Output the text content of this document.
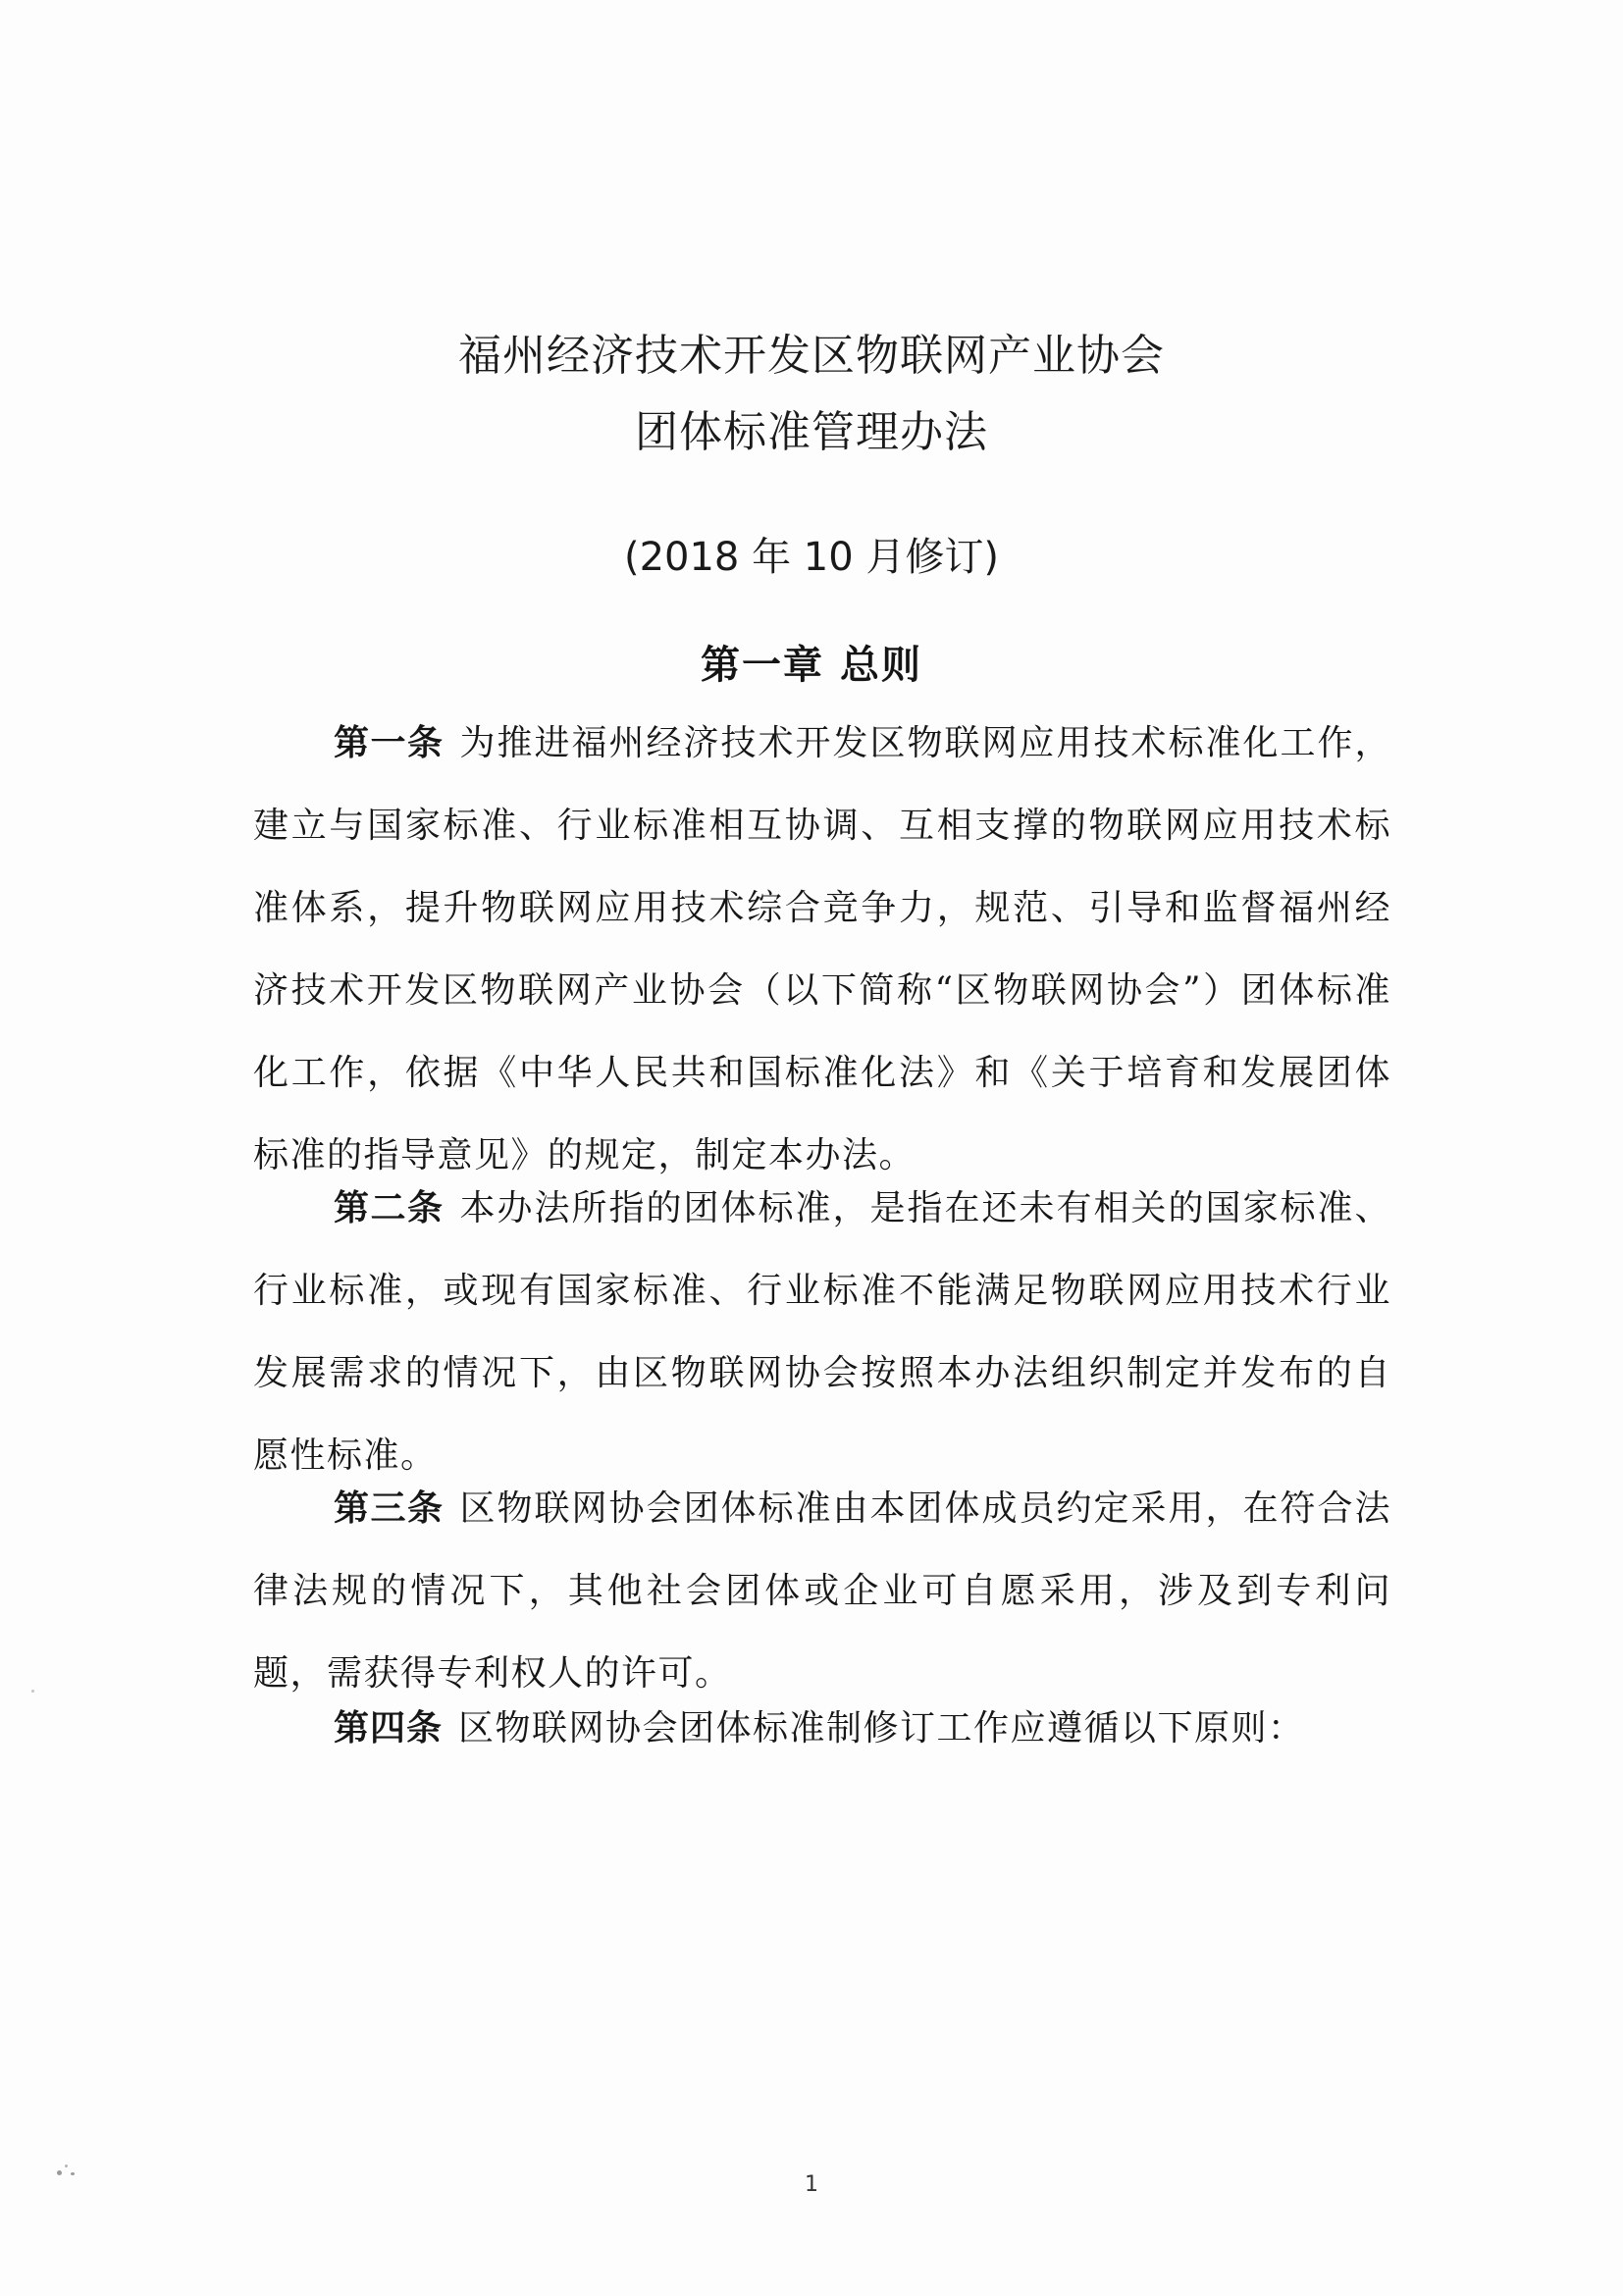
福州经济技术开发区物联网产业协会
团体标准管理办法
(2018 年 10 月修订)
第一章 总则
第一条 为推进福州经济技术开发区物联网应用技术标准化工作，建立与国家标准、行业标准相互协调、互相支撑的物联网应用技术标准体系，提升物联网应用技术综合竞争力，规范、引导和监督福州经济技术开发区物联网产业协会（以下简称“区物联网协会”）团体标准化工作，依据《中华人民共和国标准化法》和《关于培育和发展团体标准的指导意见》的规定，制定本办法。
第二条 本办法所指的团体标准，是指在还未有相关的国家标准、行业标准，或现有国家标准、行业标准不能满足物联网应用技术行业发展需求的情况下，由区物联网协会按照本办法组织制定并发布的自愿性标准。
第三条 区物联网协会团体标准由本团体成员约定采用，在符合法律法规的情况下，其他社会团体或企业可自愿采用，涉及到专利问题，需获得专利权人的许可。
第四条 区物联网协会团体标准制修订工作应遵循以下原则：
1
